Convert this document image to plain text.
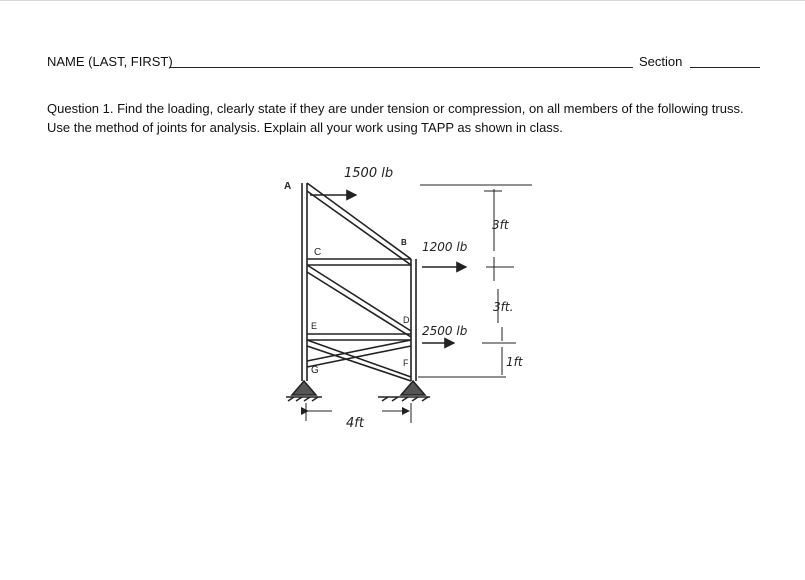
NAME (LAST, FIRST)	Section

Question 1. Find the loading, clearly state if they are under tension or compression, on all members of the following truss. Use the method of joints for analysis. Explain all your work using TAPP as shown in class.

1500 lb
1200 lb
2500 lb
A
B
C
D
E
F
G
3ft
3ft.
1ft
4ft
